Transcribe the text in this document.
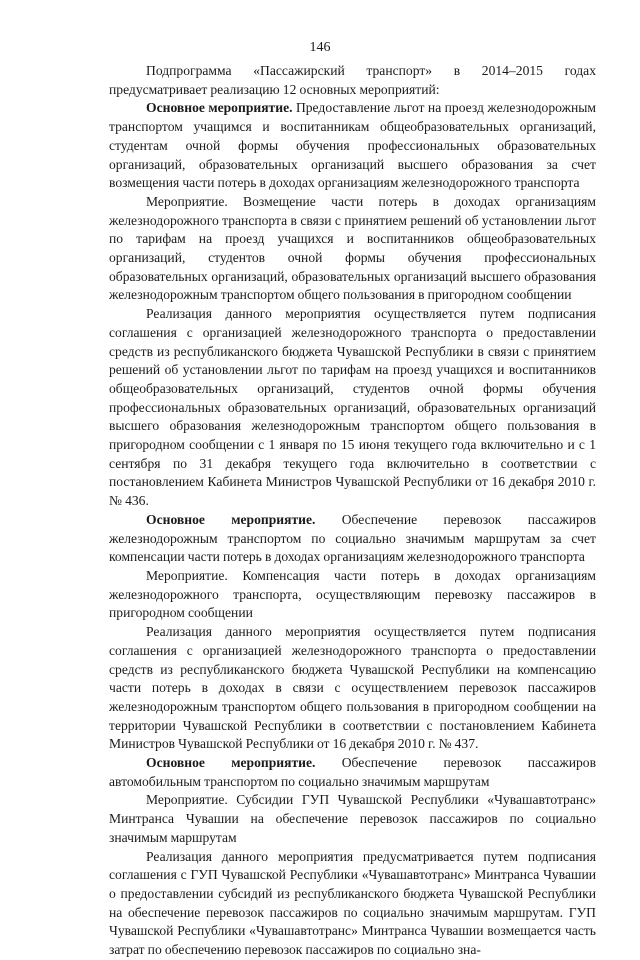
146

Подпрограмма «Пассажирский транспорт» в 2014–2015 годах предусматривает реализацию 12 основных мероприятий:

Основное мероприятие. Предоставление льгот на проезд железнодорожным транспортом учащимся и воспитанникам общеобразовательных организаций, студентам очной формы обучения профессиональных образовательных организаций, образовательных организаций высшего образования за счет возмещения части потерь в доходах организациям железнодорожного транспорта

Мероприятие. Возмещение части потерь в доходах организациям железнодорожного транспорта в связи с принятием решений об установлении льгот по тарифам на проезд учащихся и воспитанников общеобразовательных организаций, студентов очной формы обучения профессиональных образовательных организаций, образовательных организаций высшего образования железнодорожным транспортом общего пользования в пригородном сообщении

Реализация данного мероприятия осуществляется путем подписания соглашения с организацией железнодорожного транспорта о предоставлении средств из республиканского бюджета Чувашской Республики в связи с принятием решений об установлении льгот по тарифам на проезд учащихся и воспитанников общеобразовательных организаций, студентов очной формы обучения профессиональных образовательных организаций, образовательных организаций высшего образования железнодорожным транспортом общего пользования в пригородном сообщении с 1 января по 15 июня текущего года включительно и с 1 сентября по 31 декабря текущего года включительно в соответствии с постановлением Кабинета Министров Чувашской Республики от 16 декабря 2010 г. № 436.

Основное мероприятие. Обеспечение перевозок пассажиров железнодорожным транспортом по социально значимым маршрутам за счет компенсации части потерь в доходах организациям железнодорожного транспорта

Мероприятие. Компенсация части потерь в доходах организациям железнодорожного транспорта, осуществляющим перевозку пассажиров в пригородном сообщении

Реализация данного мероприятия осуществляется путем подписания соглашения с организацией железнодорожного транспорта о предоставлении средств из республиканского бюджета Чувашской Республики на компенсацию части потерь в доходах в связи с осуществлением перевозок пассажиров железнодорожным транспортом общего пользования в пригородном сообщении на территории Чувашской Республики в соответствии с постановлением Кабинета Министров Чувашской Республики от 16 декабря 2010 г. № 437.

Основное мероприятие. Обеспечение перевозок пассажиров автомобильным транспортом по социально значимым маршрутам

Мероприятие. Субсидии ГУП Чувашской Республики «Чувашавтотранс» Минтранса Чувашии на обеспечение перевозок пассажиров по социально значимым маршрутам

Реализация данного мероприятия предусматривается путем подписания соглашения с ГУП Чувашской Республики «Чувашавтотранс» Минтранса Чувашии о предоставлении субсидий из республиканского бюджета Чувашской Республики на обеспечение перевозок пассажиров по социально значимым маршрутам. ГУП Чувашской Республики «Чувашавтотранс» Минтранса Чувашии возмещается часть затрат по обеспечению перевозок пассажиров по социально зна-
